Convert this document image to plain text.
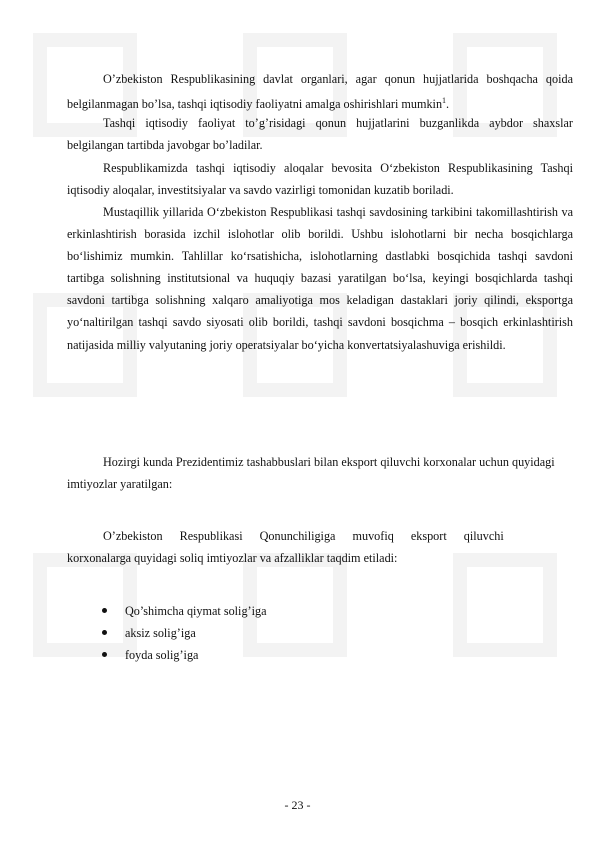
O’zbekiston Respublikasining davlat organlari, agar qonun hujjatlarida boshqacha qoida belgilanmagan bo’lsa, tashqi iqtisodiy faoliyatni amalga oshirishlari mumkin$^1$.

Tashqi iqtisodiy faoliyat to’g’risidagi qonun hujjatlarini buzganlikda aybdor shaxslar belgilangan tartibda javobgar bo’ladilar.

Respublikamizda tashqi iqtisodiy aloqalar bevosita O‘zbekiston Respublikasining Tashqi iqtisodiy aloqalar, investitsiyalar va savdo vazirligi tomonidan kuzatib boriladi.

Mustaqillik yillarida O‘zbekiston Respublikasi tashqi savdosining tarkibini takomillashtirish va erkinlashtirish borasida izchil islohotlar olib borildi. Ushbu islohotlarni bir necha bosqichlarga bo‘lishimiz mumkin. Tahlillar ko‘rsatishicha, islohotlarning dastlabki bosqichida tashqi savdoni tartibga solishning institutsional va huquqiy bazasi yaratilgan bo‘lsa, keyingi bosqichlarda tashqi savdoni tartibga solishning xalqaro amaliyotiga mos keladigan dastaklari joriy qilindi, eksportga yo‘naltirilgan tashqi savdo siyosati olib borildi, tashqi savdoni bosqichma – bosqich erkinlashtirish natijasida milliy valyutaning joriy operatsiyalar bo‘yicha konvertatsiyalashuviga erishildi.

Hozirgi kunda Prezidentimiz tashabbuslari bilan eksport qiluvchi korxonalar uchun quyidagi imtiyozlar yaratilgan:

O’zbekiston Respublikasi Qonunchiligiga muvofiq eksport qiluvchi
korxonalarga quyidagi soliq imtiyozlar va afzalliklar taqdim etiladi:
Qo’shimcha qiymat solig’iga
aksiz solig’iga
foyda solig’iga
- 23 -
